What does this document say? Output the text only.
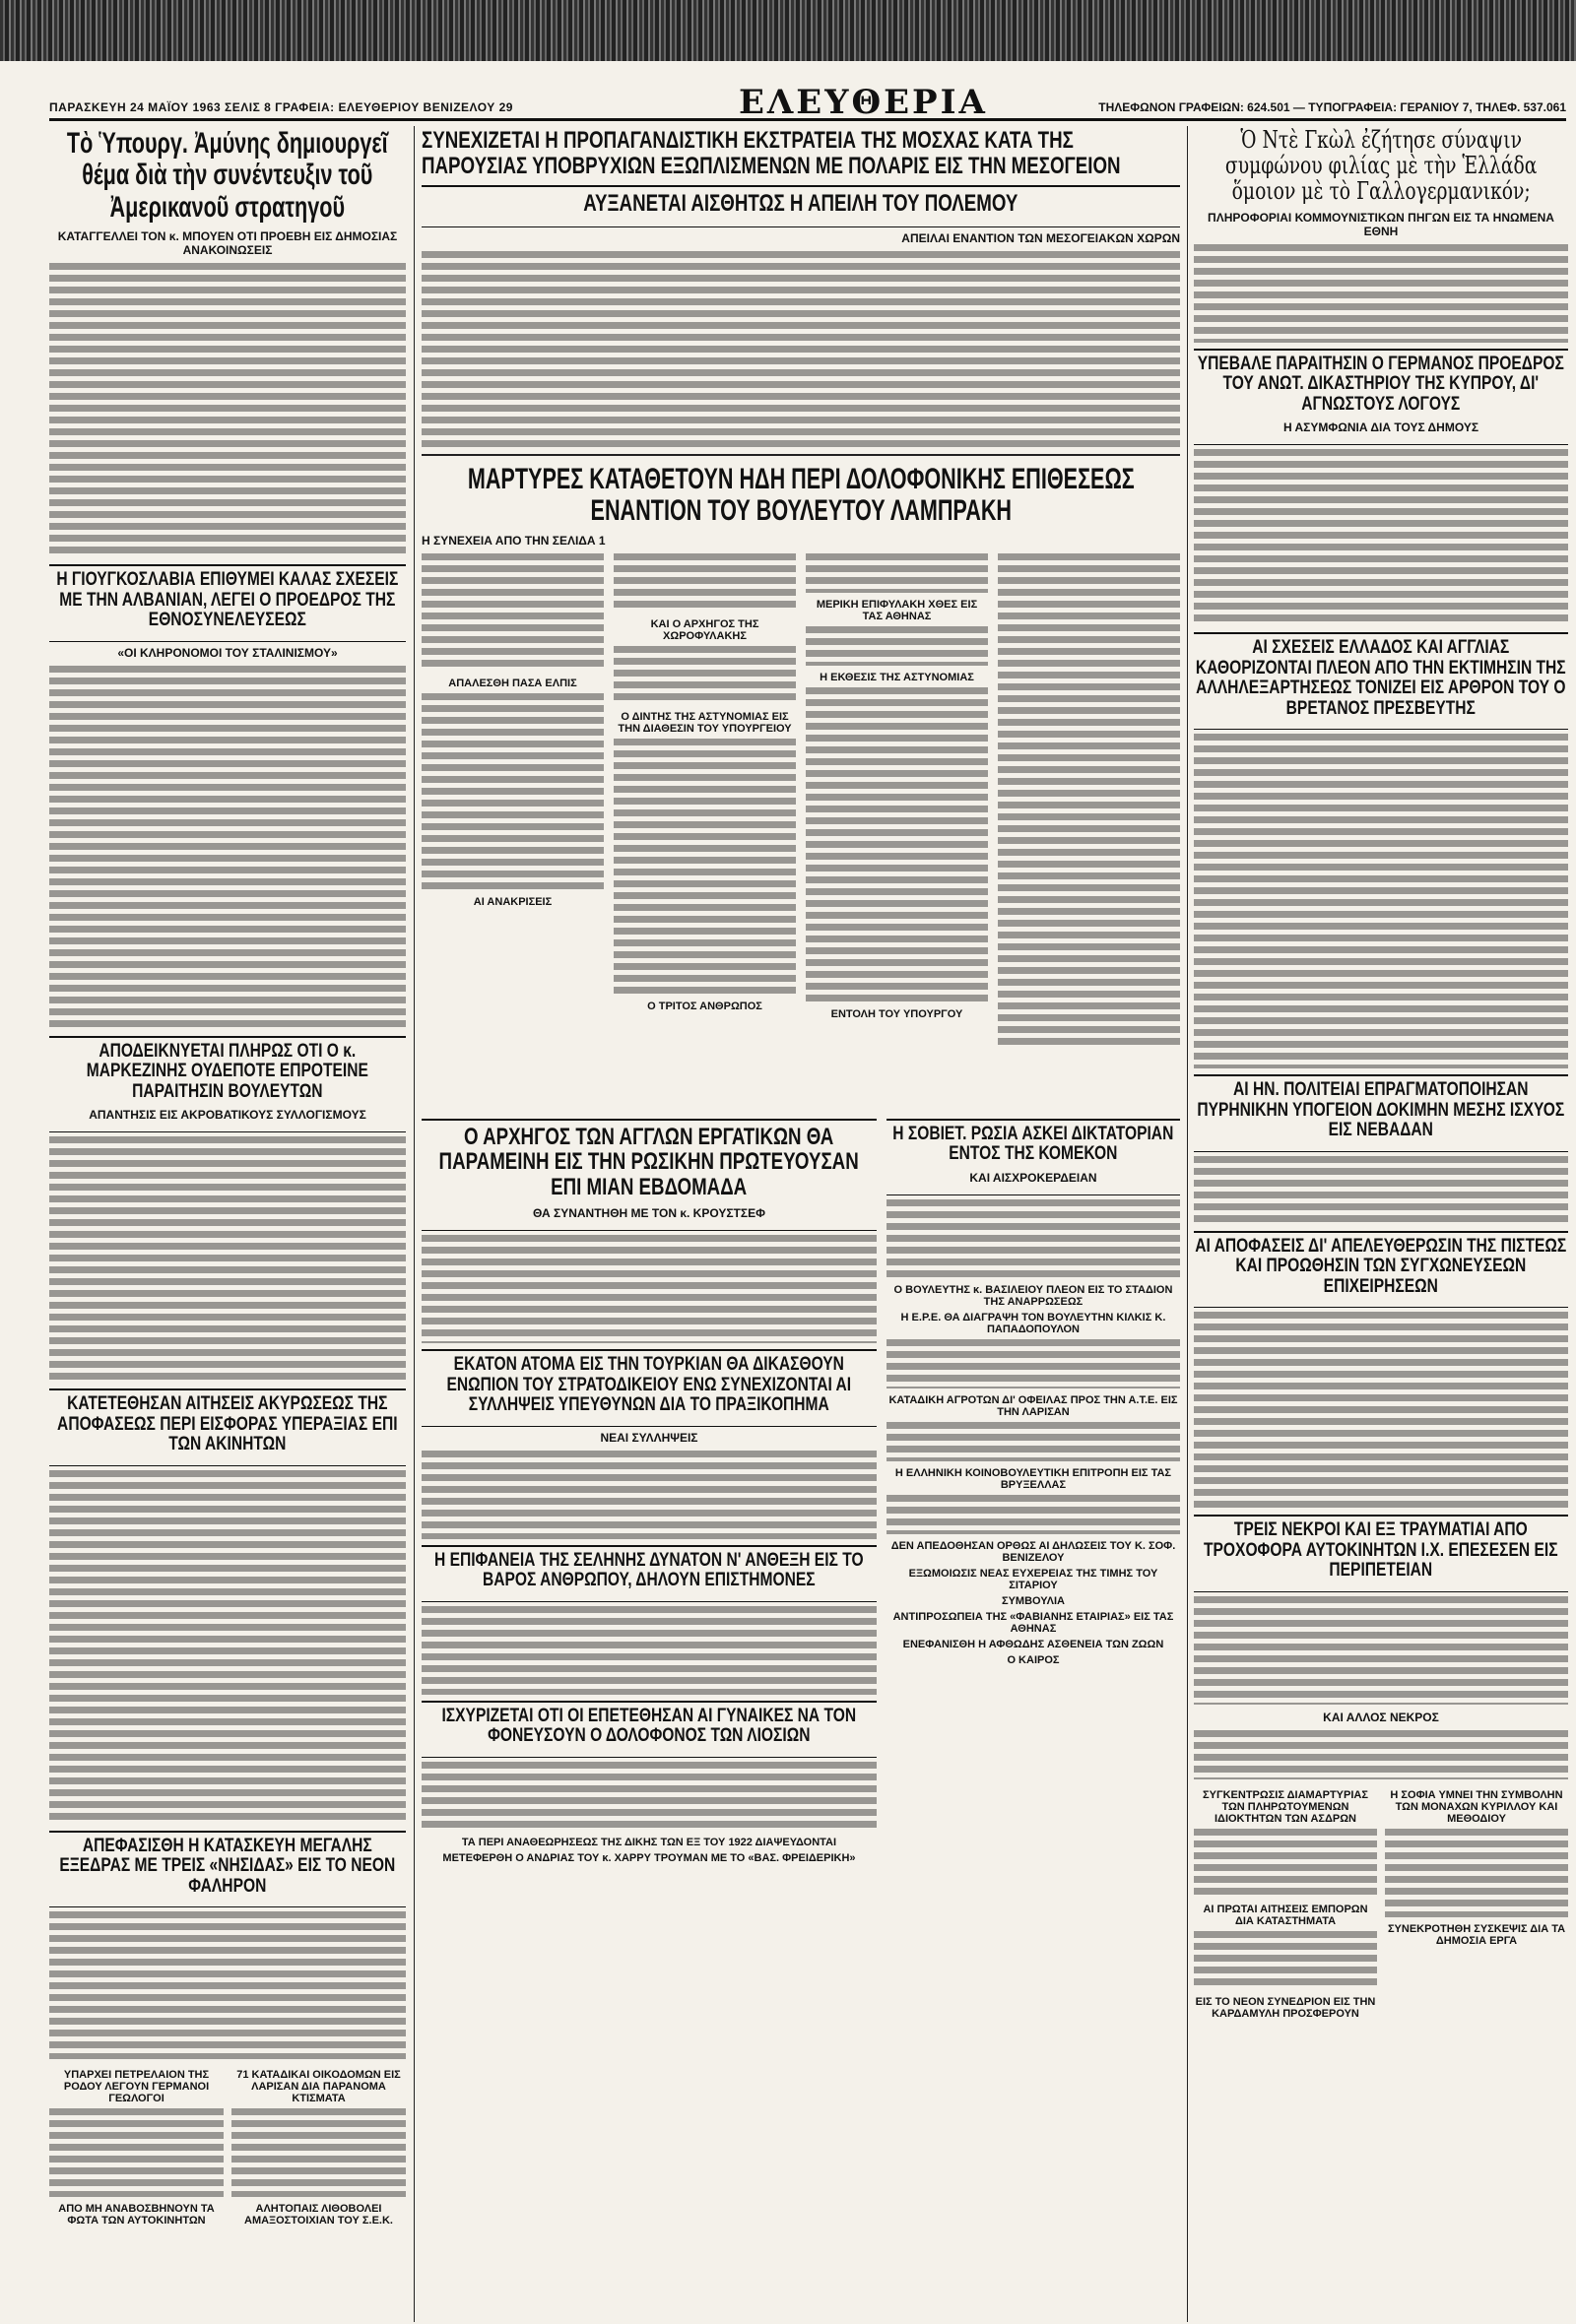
ΠΑΡΑΣΚΕΥΗ 24 ΜΑΪΟΥ 1963 ΣΕΛΙΣ 8 ΓΡΑΦΕΙΑ: ΕΛΕΥΘΕΡΙΟΥ ΒΕΝΙΖΕΛΟΥ 29	ΕΛΕΥΘΕΡΙΑ	ΤΗΛΕΦΩΝΟΝ ΓΡΑΦΕΙΩΝ: 624.501 — ΤΥΠΟΓΡΑΦΕΙΑ: ΓΕΡΑΝΙΟΥ 7, ΤΗΛΕΦ. 537.061
Τὸ Ὑπουργ. Ἀμύνης δημιουργεῖ θέμα διὰ τὴν συνέντευξιν τοῦ Ἀμερικανοῦ στρατηγοῦ
ΚΑΤΑΓΓΕΛΛΕΙ ΤΟΝ κ. ΜΠΟΥΕΝ ΟΤΙ ΠΡΟΕΒΗ ΕΙΣ ΔΗΜΟΣΙΑΣ ΑΝΑΚΟΙΝΩΣΕΙΣ
Η ΓΙΟΥΓΚΟΣΛΑΒΙΑ ΕΠΙΘΥΜΕΙ ΚΑΛΑΣ ΣΧΕΣΕΙΣ ΜΕ ΤΗΝ ΑΛΒΑΝΙΑΝ, ΛΕΓΕΙ Ο ΠΡΟΕΔΡΟΣ ΤΗΣ ΕΘΝΟΣΥΝΕΛΕΥΣΕΩΣ
«ΟΙ ΚΛΗΡΟΝΟΜΟΙ ΤΟΥ ΣΤΑΛΙΝΙΣΜΟΥ»
ΑΠΟΔΕΙΚΝΥΕΤΑΙ ΠΛΗΡΩΣ ΟΤΙ Ο κ. ΜΑΡΚΕΖΙΝΗΣ ΟΥΔΕΠΟΤΕ ΕΠΡΟΤΕΙΝΕ ΠΑΡΑΙΤΗΣΙΝ ΒΟΥΛΕΥΤΩΝ
ΑΠΑΝΤΗΣΙΣ ΕΙΣ ΑΚΡΟΒΑΤΙΚΟΥΣ ΣΥΛΛΟΓΙΣΜΟΥΣ
ΚΑΤΕΤΕΘΗΣΑΝ ΑΙΤΗΣΕΙΣ ΑΚΥΡΩΣΕΩΣ ΤΗΣ ΑΠΟΦΑΣΕΩΣ ΠΕΡΙ ΕΙΣΦΟΡΑΣ ΥΠΕΡΑΞΙΑΣ ΕΠΙ ΤΩΝ ΑΚΙΝΗΤΩΝ
ΑΠΕΦΑΣΙΣΘΗ Η ΚΑΤΑΣΚΕΥΗ ΜΕΓΑΛΗΣ ΕΞΕΔΡΑΣ ΜΕ ΤΡΕΙΣ «ΝΗΣΙΔΑΣ» ΕΙΣ ΤΟ ΝΕΟΝ ΦΑΛΗΡΟΝ
ΥΠΑΡΧΕΙ ΠΕΤΡΕΛΑΙΟΝ ΤΗΣ ΡΟΔΟΥ ΛΕΓΟΥΝ ΓΕΡΜΑΝΟΙ ΓΕΩΛΟΓΟΙ
ΑΠΟ ΜΗ ΑΝΑΒΟΣΒΗΝΟΥΝ ΤΑ ΦΩΤΑ ΤΩΝ ΑΥΤΟΚΙΝΗΤΩΝ
71 ΚΑΤΑΔΙΚΑΙ ΟΙΚΟΔΟΜΩΝ ΕΙΣ ΛΑΡΙΣΑΝ ΔΙΑ ΠΑΡΑΝΟΜΑ ΚΤΙΣΜΑΤΑ
ΑΛΗΤΟΠΑΙΣ ΛΙΘΟΒΟΛΕΙ ΑΜΑΞΟΣΤΟΙΧΙΑΝ ΤΟΥ Σ.Ε.Κ.
ΣΥΝΕΧΙΖΕΤΑΙ Η ΠΡΟΠΑΓΑΝΔΙΣΤΙΚΗ ΕΚΣΤΡΑΤΕΙΑ ΤΗΣ ΜΟΣΧΑΣ ΚΑΤΑ ΤΗΣ ΠΑΡΟΥΣΙΑΣ ΥΠΟΒΡΥΧΙΩΝ ΕΞΩΠΛΙΣΜΕΝΩΝ ΜΕ ΠΟΛΑΡΙΣ ΕΙΣ ΤΗΝ ΜΕΣΟΓΕΙΟΝ
ΑΥΞΑΝΕΤΑΙ ΑΙΣΘΗΤΩΣ Η ΑΠΕΙΛΗ ΤΟΥ ΠΟΛΕΜΟΥ
ΑΠΕΙΛΑΙ ΕΝΑΝΤΙΟΝ ΤΩΝ ΜΕΣΟΓΕΙΑΚΩΝ ΧΩΡΩΝ
ΜΑΡΤΥΡΕΣ ΚΑΤΑΘΕΤΟΥΝ ΗΔΗ ΠΕΡΙ ΔΟΛΟΦΟΝΙΚΗΣ ΕΠΙΘΕΣΕΩΣ ΕΝΑΝΤΙΟΝ ΤΟΥ ΒΟΥΛΕΥΤΟΥ ΛΑΜΠΡΑΚΗ
Η ΣΥΝΕΧΕΙΑ ΑΠΟ ΤΗΝ ΣΕΛΙΔΑ 1
ΑΠΑΛΕΣΘΗ ΠΑΣΑ ΕΛΠΙΣ
ΑΙ ΑΝΑΚΡΙΣΕΙΣ
ΚΑΙ Ο ΑΡΧΗΓΟΣ ΤΗΣ ΧΩΡΟΦΥΛΑΚΗΣ
Ο ΔΙΝΤΗΣ ΤΗΣ ΑΣΤΥΝΟΜΙΑΣ ΕΙΣ ΤΗΝ ΔΙΑΘΕΣΙΝ ΤΟΥ ΥΠΟΥΡΓΕΙΟΥ
Ο ΤΡΙΤΟΣ ΑΝΘΡΩΠΟΣ
ΜΕΡΙΚΗ ΕΠΙΦΥΛΑΚΗ ΧΘΕΣ ΕΙΣ ΤΑΣ ΑΘΗΝΑΣ
Η ΕΚΘΕΣΙΣ ΤΗΣ ΑΣΤΥΝΟΜΙΑΣ
ΕΝΤΟΛΗ ΤΟΥ ΥΠΟΥΡΓΟΥ
Ο ΑΡΧΗΓΟΣ ΤΩΝ ΑΓΓΛΩΝ ΕΡΓΑΤΙΚΩΝ ΘΑ ΠΑΡΑΜΕΙΝΗ ΕΙΣ ΤΗΝ ΡΩΣΙΚΗΝ ΠΡΩΤΕΥΟΥΣΑΝ ΕΠΙ ΜΙΑΝ ΕΒΔΟΜΑΔΑ
ΘΑ ΣΥΝΑΝΤΗΘΗ ΜΕ ΤΟΝ κ. ΚΡΟΥΣΤΣΕΦ
ΕΚΑΤΟΝ ΑΤΟΜΑ ΕΙΣ ΤΗΝ ΤΟΥΡΚΙΑΝ ΘΑ ΔΙΚΑΣΘΟΥΝ ΕΝΩΠΙΟΝ ΤΟΥ ΣΤΡΑΤΟΔΙΚΕΙΟΥ ΕΝΩ ΣΥΝΕΧΙΖΟΝΤΑΙ ΑΙ ΣΥΛΛΗΨΕΙΣ ΥΠΕΥΘΥΝΩΝ ΔΙΑ ΤΟ ΠΡΑΞΙΚΟΠΗΜΑ
ΝΕΑΙ ΣΥΛΛΗΨΕΙΣ
Η ΕΠΙΦΑΝΕΙΑ ΤΗΣ ΣΕΛΗΝΗΣ ΔΥΝΑΤΟΝ Ν' ΑΝΘΕΞΗ ΕΙΣ ΤΟ ΒΑΡΟΣ ΑΝΘΡΩΠΟΥ, ΔΗΛΟΥΝ ΕΠΙΣΤΗΜΟΝΕΣ
ΙΣΧΥΡΙΖΕΤΑΙ ΟΤΙ ΟΙ ΕΠΕΤΕΘΗΣΑΝ ΑΙ ΓΥΝΑΙΚΕΣ ΝΑ ΤΟΝ ΦΟΝΕΥΣΟΥΝ Ο ΔΟΛΟΦΟΝΟΣ ΤΩΝ ΛΙΟΣΙΩΝ
ΤΑ ΠΕΡΙ ΑΝΑΘΕΩΡΗΣΕΩΣ ΤΗΣ ΔΙΚΗΣ ΤΩΝ ΕΞ ΤΟΥ 1922 ΔΙΑΨΕΥΔΟΝΤΑΙ
ΜΕΤΕΦΕΡΘΗ Ο ΑΝΔΡΙΑΣ ΤΟΥ κ. ΧΑΡΡΥ ΤΡΟΥΜΑΝ ΜΕ ΤΟ «ΒΑΣ. ΦΡΕΙΔΕΡΙΚΗ»
Η ΣΟΒΙΕΤ. ΡΩΣΙΑ ΑΣΚΕΙ ΔΙΚΤΑΤΟΡΙΑΝ ΕΝΤΟΣ ΤΗΣ ΚΟΜΕΚΟΝ
ΚΑΙ ΑΙΣΧΡΟΚΕΡΔΕΙΑΝ
Ο ΒΟΥΛΕΥΤΗΣ κ. ΒΑΣΙΛΕΙΟΥ ΠΛΕΟΝ ΕΙΣ ΤΟ ΣΤΑΔΙΟΝ ΤΗΣ ΑΝΑΡΡΩΣΕΩΣ
Η Ε.Ρ.Ε. ΘΑ ΔΙΑΓΡΑΨΗ ΤΟΝ ΒΟΥΛΕΥΤΗΝ ΚΙΛΚΙΣ Κ. ΠΑΠΑΔΟΠΟΥΛΟΝ
ΚΑΤΑΔΙΚΗ ΑΓΡΟΤΩΝ ΔΙ' ΟΦΕΙΛΑΣ ΠΡΟΣ ΤΗΝ Α.Τ.Ε. ΕΙΣ ΤΗΝ ΛΑΡΙΣΑΝ
Η ΕΛΛΗΝΙΚΗ ΚΟΙΝΟΒΟΥΛΕΥΤΙΚΗ ΕΠΙΤΡΟΠΗ ΕΙΣ ΤΑΣ ΒΡΥΞΕΛΛΑΣ
ΔΕΝ ΑΠΕΔΟΘΗΣΑΝ ΟΡΘΩΣ ΑΙ ΔΗΛΩΣΕΙΣ ΤΟΥ Κ. ΣΟΦ. ΒΕΝΙΖΕΛΟΥ
ΕΞΩΜΟΙΩΣΙΣ ΝΕΑΣ ΕΥΧΕΡΕΙΑΣ ΤΗΣ ΤΙΜΗΣ ΤΟΥ ΣΙΤΑΡΙΟΥ
ΣΥΜΒΟΥΛΙΑ
ΑΝΤΙΠΡΟΣΩΠΕΙΑ ΤΗΣ «ΦΑΒΙΑΝΗΣ ΕΤΑΙΡΙΑΣ» ΕΙΣ ΤΑΣ ΑΘΗΝΑΣ
ΕΝΕΦΑΝΙΣΘΗ Η ΑΦΘΩΔΗΣ ΑΣΘΕΝΕΙΑ ΤΩΝ ΖΩΩΝ
Ο ΚΑΙΡΟΣ
Ὁ Ντὲ Γκὼλ ἐζήτησε σύναψιν συμφώνου φιλίας μὲ τὴν Ἑλλάδα ὅμοιον μὲ τὸ Γαλλογερμανικόν;
ΠΛΗΡΟΦΟΡΙΑΙ ΚΟΜΜΟΥΝΙΣΤΙΚΩΝ ΠΗΓΩΝ ΕΙΣ ΤΑ ΗΝΩΜΕΝΑ ΕΘΝΗ
ΥΠΕΒΑΛΕ ΠΑΡΑΙΤΗΣΙΝ Ο ΓΕΡΜΑΝΟΣ ΠΡΟΕΔΡΟΣ ΤΟΥ ΑΝΩΤ. ΔΙΚΑΣΤΗΡΙΟΥ ΤΗΣ ΚΥΠΡΟΥ, ΔΙ' ΑΓΝΩΣΤΟΥΣ ΛΟΓΟΥΣ
Η ΑΣΥΜΦΩΝΙΑ ΔΙΑ ΤΟΥΣ ΔΗΜΟΥΣ
ΑΙ ΣΧΕΣΕΙΣ ΕΛΛΑΔΟΣ ΚΑΙ ΑΓΓΛΙΑΣ ΚΑΘΟΡΙΖΟΝΤΑΙ ΠΛΕΟΝ ΑΠΟ ΤΗΝ ΕΚΤΙΜΗΣΙΝ ΤΗΣ ΑΛΛΗΛΕΞΑΡΤΗΣΕΩΣ ΤΟΝΙΖΕΙ ΕΙΣ ΑΡΘΡΟΝ ΤΟΥ Ο ΒΡΕΤΑΝΟΣ ΠΡΕΣΒΕΥΤΗΣ
ΑΙ ΗΝ. ΠΟΛΙΤΕΙΑΙ ΕΠΡΑΓΜΑΤΟΠΟΙΗΣΑΝ ΠΥΡΗΝΙΚΗΝ ΥΠΟΓΕΙΟΝ ΔΟΚΙΜΗΝ ΜΕΣΗΣ ΙΣΧΥΟΣ ΕΙΣ ΝΕΒΑΔΑΝ
ΑΙ ΑΠΟΦΑΣΕΙΣ ΔΙ' ΑΠΕΛΕΥΘΕΡΩΣΙΝ ΤΗΣ ΠΙΣΤΕΩΣ ΚΑΙ ΠΡΟΩΘΗΣΙΝ ΤΩΝ ΣΥΓΧΩΝΕΥΣΕΩΝ ΕΠΙΧΕΙΡΗΣΕΩΝ
ΤΡΕΙΣ ΝΕΚΡΟΙ ΚΑΙ ΕΞ ΤΡΑΥΜΑΤΙΑΙ ΑΠΟ ΤΡΟΧΟΦΟΡΑ ΑΥΤΟΚΙΝΗΤΩΝ Ι.Χ. ΕΠΕΣΕΣΕΝ ΕΙΣ ΠΕΡΙΠΕΤΕΙΑΝ
ΚΑΙ ΑΛΛΟΣ ΝΕΚΡΟΣ
ΣΥΓΚΕΝΤΡΩΣΙΣ ΔΙΑΜΑΡΤΥΡΙΑΣ ΤΩΝ ΠΛΗΡΩΤΟΥΜΕΝΩΝ ΙΔΙΟΚΤΗΤΩΝ ΤΩΝ ΑΣΔΡΩΝ
ΑΙ ΠΡΩΤΑΙ ΑΙΤΗΣΕΙΣ ΕΜΠΟΡΩΝ ΔΙΑ ΚΑΤΑΣΤΗΜΑΤΑ
ΕΙΣ ΤΟ ΝΕΟΝ ΣΥΝΕΔΡΙΟΝ ΕΙΣ ΤΗΝ ΚΑΡΔΑΜΥΛΗ ΠΡΟΣΦΕΡΟΥΝ
Η ΣΟΦΙΑ ΥΜΝΕΙ ΤΗΝ ΣΥΜΒΟΛΗΝ ΤΩΝ ΜΟΝΑΧΩΝ ΚΥΡΙΛΛΟΥ ΚΑΙ ΜΕΘΟΔΙΟΥ
ΣΥΝΕΚΡΟΤΗΘΗ ΣΥΣΚΕΨΙΣ ΔΙΑ ΤΑ ΔΗΜΟΣΙΑ ΕΡΓΑ
